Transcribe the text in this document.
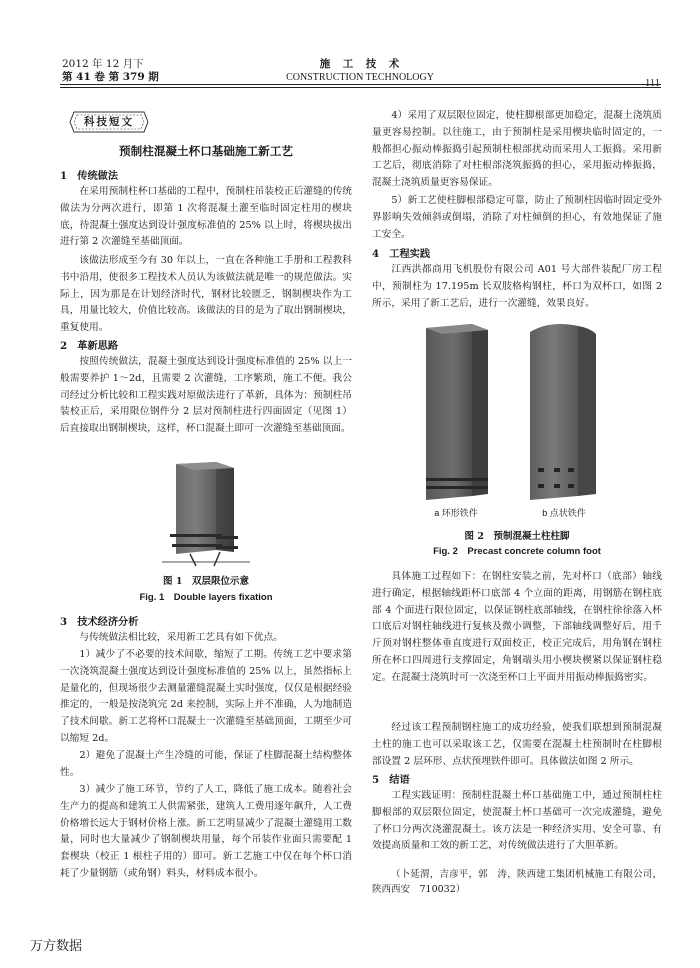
2012 年 12 月下
第 41 卷 第 379 期
施　工　技　术
CONSTRUCTION TECHNOLOGY
111
科技短文
预制柱混凝土杯口基础施工新工艺
1　传统做法

在采用预制柱杯口基础的工程中，预制柱吊装校正后灌缝的传统做法为分两次进行，即第 1 次将混凝土灌至临时固定柱用的楔块底，待混凝土强度达到设计强度标准值的 25% 以上时，将楔块拔出进行第 2 次灌缝至基础顶面。

该做法形成至今有 30 年以上，一直在各种施工手册和工程教科书中沿用，使很多工程技术人员认为该做法就是唯一的规范做法。实际上，因为那是在计划经济时代，钢材比较匮乏，钢制楔块作为工具，用量比较大，价值比较高。该做法的目的是为了取出钢制楔块，重复使用。

2　革新思路

按照传统做法，混凝土强度达到设计强度标准值的 25% 以上一般需要养护 1～2d，且需要 2 次灌缝，工序繁琐，施工不便。我公司经过分析比较和工程实践对原做法进行了革新，具体为：预制柱吊装校正后，采用限位钢件分 2 层对预制柱进行四面固定（见图 1）后直接取出钢制楔块，这样，杯口混凝土即可一次灌缝至基础顶面。

图 1　双层限位示意
Fig. 1　Double layers fixation
3　技术经济分析

与传统做法相比较，采用新工艺具有如下优点。

1）减少了不必要的技术间歇，缩短了工期。传统工艺中要求第一次浇筑混凝土强度达到设计强度标准值的 25% 以上，虽然指标上是量化的，但现场很少去测量灌缝混凝土实时强度，仅仅是根据经验推定的，一般是按浇筑完 2d 来控制，实际上并不准确，人为地制造了技术间歇。新工艺将杯口混凝土一次灌缝至基础顶面，工期至少可以缩短 2d。

2）避免了混凝土产生冷缝的可能，保证了柱脚混凝土结构整体性。

3）减少了施工环节，节约了人工，降低了施工成本。随着社会生产力的提高和建筑工人供需紧张，建筑人工费用逐年飙升，人工费价格增长远大于钢材价格上涨。新工艺明显减少了混凝土灌缝用工数量，同时也大量减少了钢制楔块用量，每个吊装作业面只需要配 1 套楔块（校正 1 根柱子用的）即可。新工艺施工中仅在每个杯口消耗了少量钢筋（或角钢）料头，材料成本很小。

4）采用了双层限位固定，使柱脚根部更加稳定，混凝土浇筑质量更容易控制。以往施工，由于预制柱是采用楔块临时固定的，一般都担心振动棒振捣引起预制柱根部扰动而采用人工振捣。采用新工艺后，彻底消除了对柱根部浇筑振捣的担心，采用振动棒振捣，混凝土浇筑质量更容易保证。

5）新工艺使柱脚根部稳定可靠，防止了预制柱因临时固定受外界影响失效倾斜或倒塌，消除了对柱倾倒的担心，有效地保证了施工安全。

4　工程实践

江西洪都商用飞机股份有限公司 A01 号大部件装配厂房工程中，预制柱为 17.195m 长双肢格构钢柱，杯口为双杯口，如图 2 所示，采用了新工艺后，进行一次灌缝，效果良好。

a 环形铁件	b 点状铁件
图 2　预制混凝土柱柱脚
Fig. 2　Precast concrete column foot

具体施工过程如下：在钢柱安装之前，先对杯口（底部）轴线进行确定，根据轴线距杯口底部 4 个立面的距离，用钢筋在钢柱底部 4 个面进行限位固定，以保证钢柱底部轴线，在钢柱徐徐落入杯口底后对钢柱轴线进行复核及微小调整，下部轴线调整好后，用千斤顶对钢柱整体垂直度进行双面校正，校正完成后，用角钢在钢柱所在杯口四周进行支撑固定，角钢端头用小楔块楔紧以保证钢柱稳定。在混凝土浇筑时可一次浇至杯口上平面并用振动棒振捣密实。

经过该工程预制钢柱施工的成功经验，使我们联想到预制混凝土柱的施工也可以采取该工艺，仅需要在混凝土柱预制时在柱脚根部设置 2 层环形、点状预埋铁件即可。具体做法如图 2 所示。

5　结语

工程实践证明：预制柱混凝土杯口基础施工中，通过预制柱柱脚根部的双层限位固定，使混凝土杯口基础可一次完成灌缝，避免了杯口分两次浇灌混凝土。该方法是一种经济实用、安全可靠、有效提高质量和工效的新工艺，对传统做法进行了大胆革新。

（卜延渭，吉彦平，郭　涛，陕西建工集团机械施工有限公司，陕西西安　710032）

万方数据
